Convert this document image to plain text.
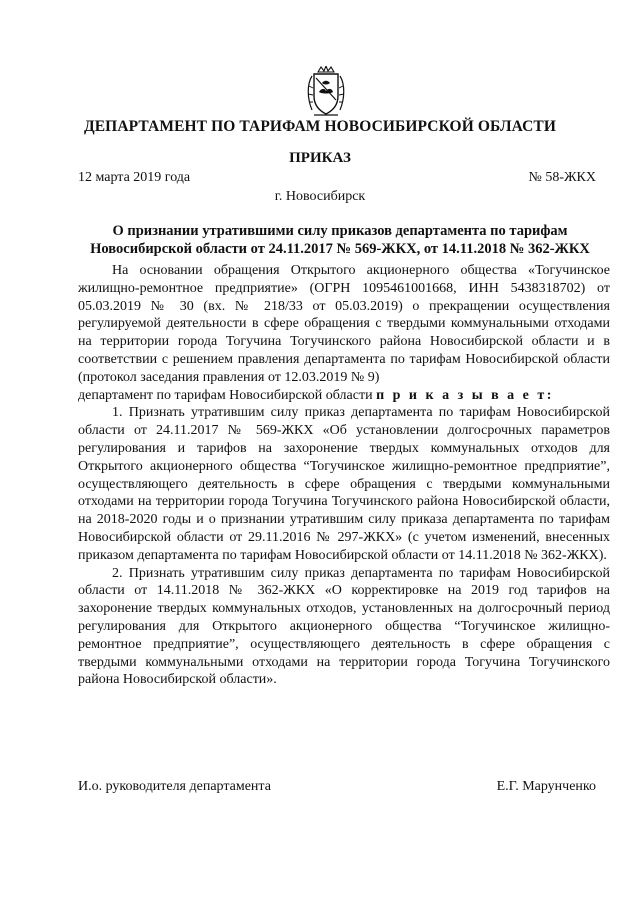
ДЕПАРТАМЕНТ ПО ТАРИФАМ НОВОСИБИРСКОЙ ОБЛАСТИ
ПРИКАЗ
12 марта 2019 года	№ 58-ЖКХ
г. Новосибирск
О признании утратившими силу приказов департамента по тарифам
Новосибирской области от 24.11.2017 № 569-ЖКХ, от 14.11.2018 № 362-ЖКХ

На основании обращения Открытого акционерного общества «Тогучинское жилищно-ремонтное предприятие» (ОГРН 1095461001668, ИНН 5438318702) от 05.03.2019 № 30 (вх. № 218/33 от 05.03.2019) о прекращении осуществления регулируемой деятельности в сфере обращения с твердыми коммунальными отходами на территории города Тогучина Тогучинского района Новосибирской области и в соответствии с решением правления департамента по тарифам Новосибирской области (протокол заседания правления от 12.03.2019 № 9)

департамент по тарифам Новосибирской области п р и к а з ы в а е т:

1. Признать утратившим силу приказ департамента по тарифам Новосибирской области от 24.11.2017 № 569-ЖКХ «Об установлении долгосрочных параметров регулирования и тарифов на захоронение твердых коммунальных отходов для Открытого акционерного общества “Тогучинское жилищно-ремонтное предприятие”, осуществляющего деятельность в сфере обращения с твердыми коммунальными отходами на территории города Тогучина Тогучинского района Новосибирской области, на 2018-2020 годы и о признании утратившим силу приказа департамента по тарифам Новосибирской области от 29.11.2016 № 297-ЖКХ» (с учетом изменений, внесенных приказом департамента по тарифам Новосибирской области от 14.11.2018 № 362-ЖКХ).

2. Признать утратившим силу приказ департамента по тарифам Новосибирской области от 14.11.2018 № 362-ЖКХ «О корректировке на 2019 год тарифов на захоронение твердых коммунальных отходов, установленных на долгосрочный период регулирования для Открытого акционерного общества “Тогучинское жилищно-ремонтное предприятие”, осуществляющего деятельность в сфере обращения с твердыми коммунальными отходами на территории города Тогучина Тогучинского района Новосибирской области».

И.о. руководителя департамента	Е.Г. Марунченко
